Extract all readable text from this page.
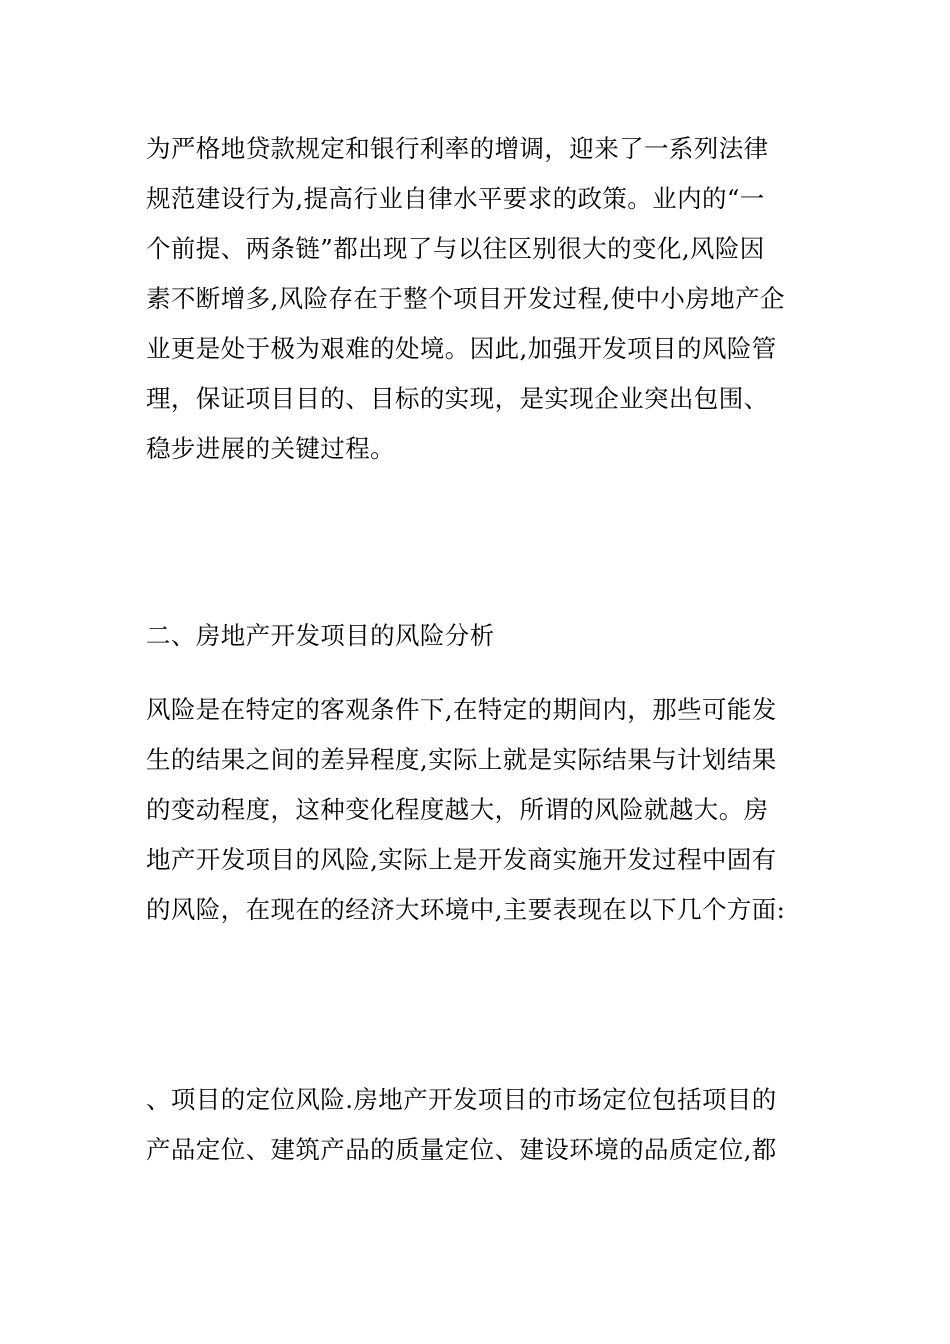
为严格地贷款规定和银行利率的增调，迎来了一系列法律
规范建设行为,提高行业自律水平要求的政策。业内的“一
个前提、两条链”都出现了与以往区别很大的变化,风险因
素不断增多,风险存在于整个项目开发过程,使中小房地产企
业更是处于极为艰难的处境。因此,加强开发项目的风险管
理，保证项目目的、目标的实现，是实现企业突出包围、
稳步进展的关键过程。
二、房地产开发项目的风险分析
风险是在特定的客观条件下,在特定的期间内，那些可能发
生的结果之间的差异程度,实际上就是实际结果与计划结果
的变动程度，这种变化程度越大，所谓的风险就越大。房
地产开发项目的风险,实际上是开发商实施开发过程中固有
的风险，在现在的经济大环境中,主要表现在以下几个方面:
、项目的定位风险.房地产开发项目的市场定位包括项目的
产品定位、建筑产品的质量定位、建设环境的品质定位,都
